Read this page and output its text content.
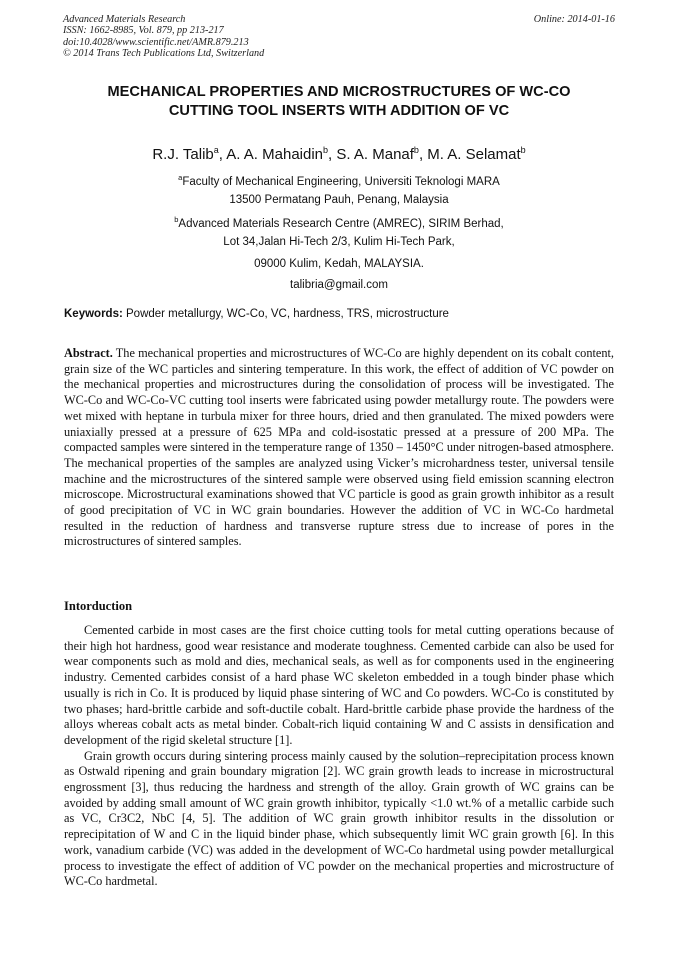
Advanced Materials Research
ISSN: 1662-8985, Vol. 879, pp 213-217
doi:10.4028/www.scientific.net/AMR.879.213
© 2014 Trans Tech Publications Ltd, Switzerland
Online: 2014-01-16
MECHANICAL PROPERTIES AND MICROSTRUCTURES OF WC-CO
CUTTING TOOL INSERTS WITH ADDITION OF VC
R.J. Talib$^a$, A. A. Mahaidin$^b$, S. A. Manaf$^b$, M. A. Selamat$^b$
$^a$Faculty of Mechanical Engineering, Universiti Teknologi MARA
13500 Permatang Pauh, Penang, Malaysia
$^b$Advanced Materials Research Centre (AMREC), SIRIM Berhad,
Lot 34,Jalan Hi-Tech 2/3, Kulim Hi-Tech Park,
09000 Kulim, Kedah, MALAYSIA.
talibria@gmail.com
Keywords: Powder metallurgy, WC-Co, VC, hardness, TRS, microstructure
Abstract. The mechanical properties and microstructures of WC-Co are highly dependent on its cobalt content, grain size of the WC particles and sintering temperature. In this work, the effect of addition of VC powder on the mechanical properties and microstructures during the consolidation of process will be investigated. The WC-Co and WC-Co-VC cutting tool inserts were fabricated using powder metallurgy route. The powders were wet mixed with heptane in turbula mixer for three hours, dried and then granulated. The mixed powders were uniaxially pressed at a pressure of 625 MPa and cold-isostatic pressed at a pressure of 200 MPa. The compacted samples were sintered in the temperature range of 1350 – 1450°C under nitrogen-based atmosphere. The mechanical properties of the samples are analyzed using Vicker’s microhardness tester, universal tensile machine and the microstructures of the sintered sample were observed using field emission scanning electron microscope. Microstructural examinations showed that VC particle is good as grain growth inhibitor as a result of good precipitation of VC in WC grain boundaries. However the addition of VC in WC-Co hardmetal resulted in the reduction of hardness and transverse rupture stress due to increase of pores in the microstructures of sintered samples.
Intorduction

Cemented carbide in most cases are the first choice cutting tools for metal cutting operations because of their high hot hardness, good wear resistance and moderate toughness. Cemented carbide can also be used for wear components such as mold and dies, mechanical seals, as well as for components used in the engineering industry. Cemented carbides consist of a hard phase WC skeleton embedded in a tough binder phase which usually is rich in Co. It is produced by liquid phase sintering of WC and Co powders. WC-Co is constituted by two phases; hard-brittle carbide and soft-ductile cobalt. Hard-brittle carbide phase provide the hardness of the alloys whereas cobalt acts as metal binder. Cobalt-rich liquid containing W and C assists in densification and development of the rigid skeletal structure [1].

Grain growth occurs during sintering process mainly caused by the solution–reprecipitation process known as Ostwald ripening and grain boundary migration [2]. WC grain growth leads to increase in microstructural engrossment [3], thus reducing the hardness and strength of the alloy. Grain growth of WC grains can be avoided by adding small amount of WC grain growth inhibitor, typically <1.0 wt.% of a metallic carbide such as VC, Cr3C2, NbC [4, 5]. The addition of WC grain growth inhibitor results in the dissolution or reprecipitation of W and C in the liquid binder phase, which subsequently limit WC grain growth [6]. In this work, vanadium carbide (VC) was added in the development of WC-Co hardmetal using powder metallurgical process to investigate the effect of addition of VC powder on the mechanical properties and microstructure of WC-Co hardmetal.
